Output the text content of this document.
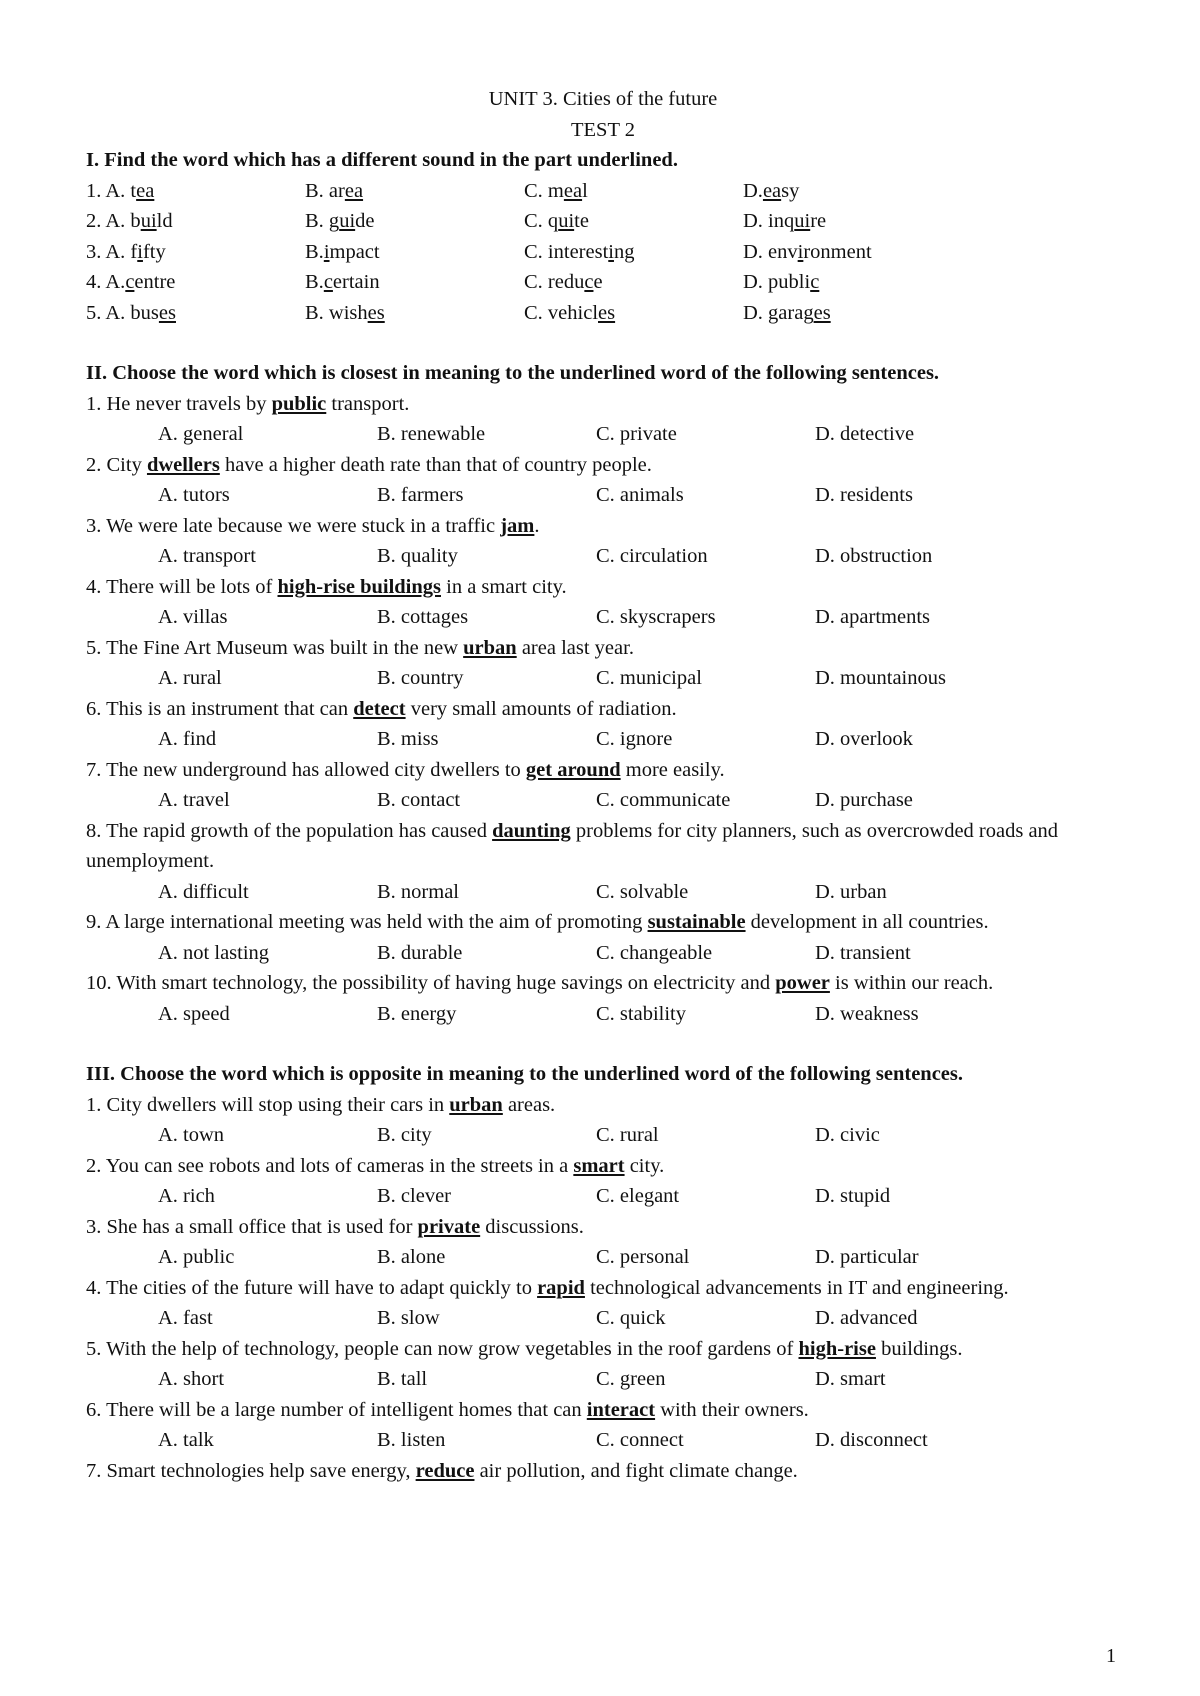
UNIT 3. Cities of the future
TEST 2
I. Find the word which has a different sound in the part underlined.
1. A. tea	B. area	C. meal	D.easy
2. A. build	B. guide	C. quite	D. inquire
3. A. fifty	B.impact	C. interesting	D. environment
4. A.centre	B.certain	C. reduce	D. public
5. A. buses	B. wishes	C. vehicles	D. garages
II. Choose the word which is closest in meaning to the underlined word of the following sentences.
1. He never travels by public transport.
A. general	B. renewable	C. private	D. detective
2. City dwellers have a higher death rate than that of country people.
A. tutors	B. farmers	C. animals	D. residents
3. We were late because we were stuck in a traffic jam.
A. transport	B. quality	C. circulation	D. obstruction
4. There will be lots of high-rise buildings in a smart city.
A. villas	B. cottages	C. skyscrapers	D. apartments
5. The Fine Art Museum was built in the new urban area last year.
A. rural	B. country	C. municipal	D. mountainous
6. This is an instrument that can detect very small amounts of radiation.
A. find	B. miss	C. ignore	D. overlook
7. The new underground has allowed city dwellers to get around more easily.
A. travel	B. contact	C. communicate	D. purchase
8. The rapid growth of the population has caused daunting problems for city planners, such as overcrowded roads and unemployment.
A. difficult	B. normal	C. solvable	D. urban
9. A large international meeting was held with the aim of promoting sustainable development in all countries.
A. not lasting	B. durable	C. changeable	D. transient
10. With smart technology, the possibility of having huge savings on electricity and power is within our reach.
A. speed	B. energy	C. stability	D. weakness
III. Choose the word which is opposite in meaning to the underlined word of the following sentences.
1. City dwellers will stop using their cars in urban areas.
A. town	B. city	C. rural	D. civic
2. You can see robots and lots of cameras in the streets in a smart city.
A. rich	B. clever	C. elegant	D. stupid
3. She has a small office that is used for private discussions.
A. public	B. alone	C. personal	D. particular
4. The cities of the future will have to adapt quickly to rapid technological advancements in IT and engineering.
A. fast	B. slow	C. quick	D. advanced
5. With the help of technology, people can now grow vegetables in the roof gardens of high-rise buildings.
A. short	B. tall	C. green	D. smart
6. There will be a large number of intelligent homes that can interact with their owners.
A. talk	B. listen	C. connect	D. disconnect
7. Smart technologies help save energy, reduce air pollution, and fight climate change.
1
